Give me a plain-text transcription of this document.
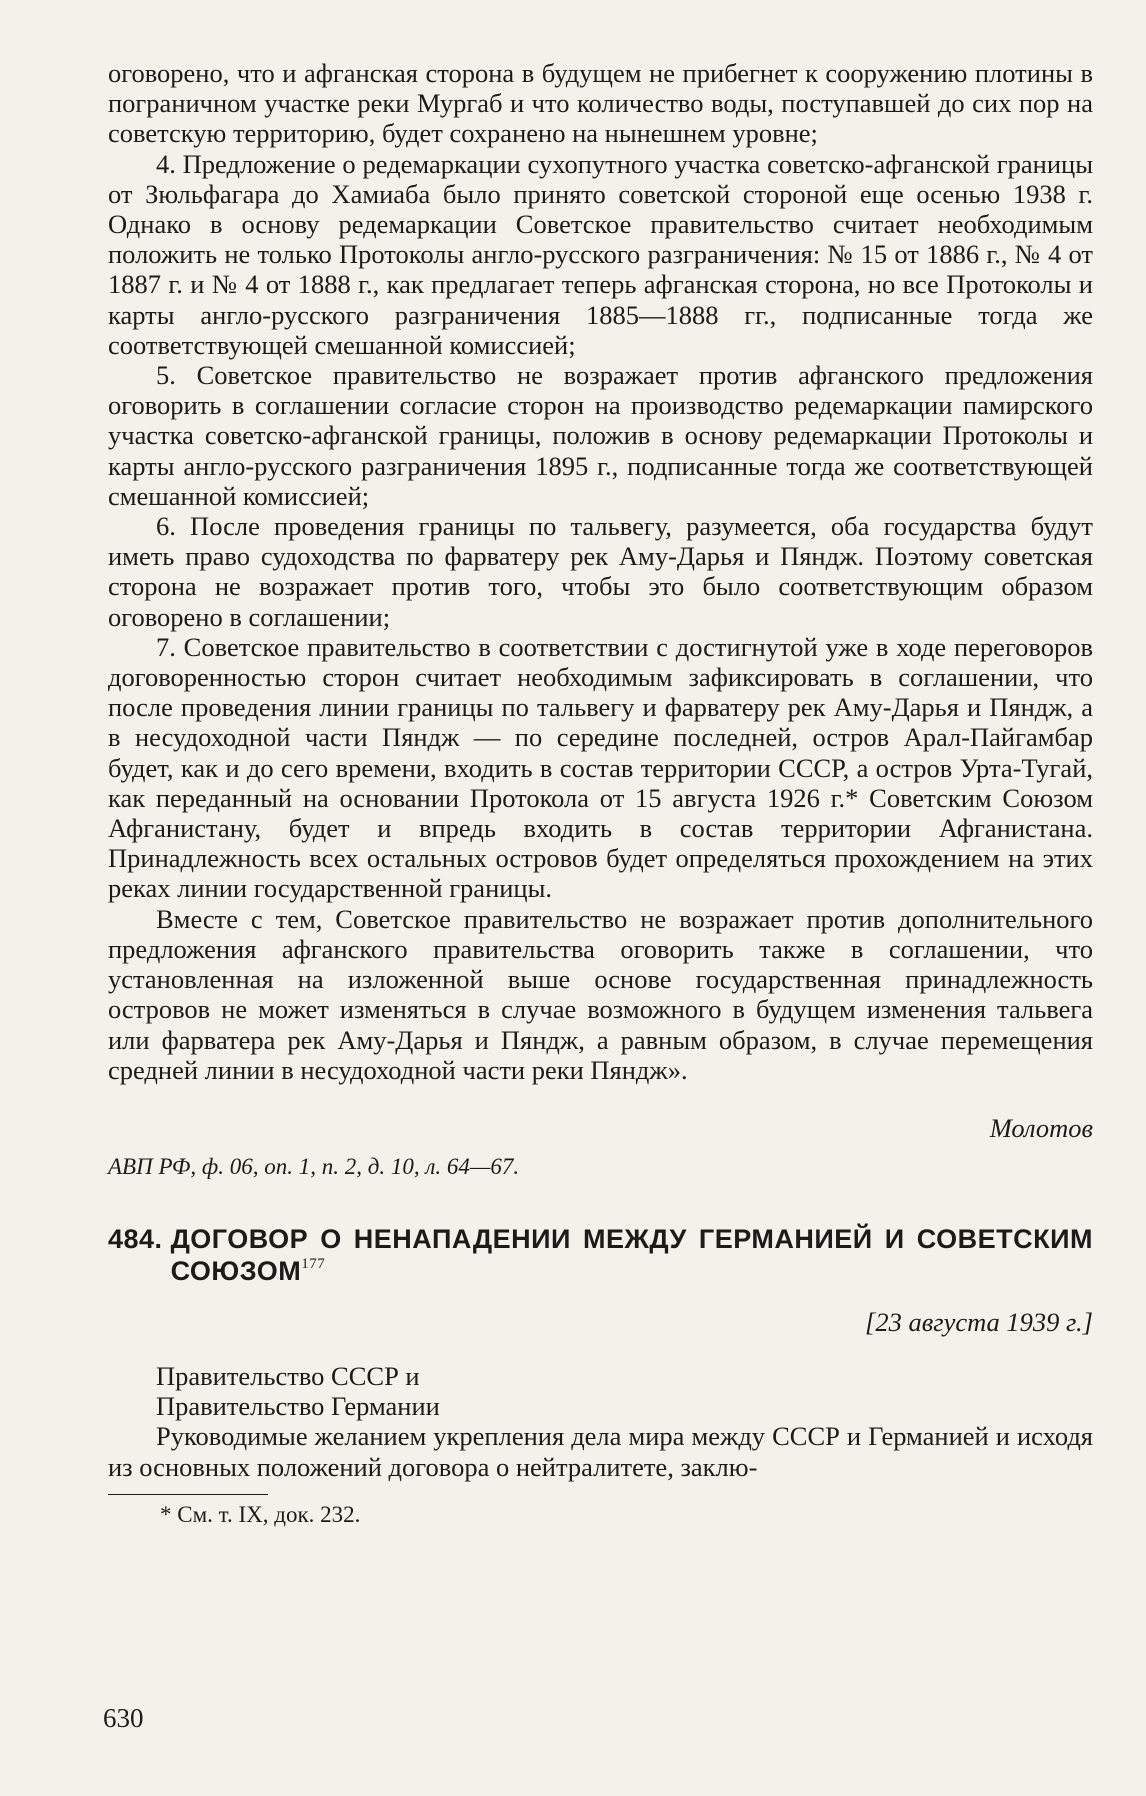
оговорено, что и афганская сторона в будущем не прибегнет к сооружению плотины в пограничном участке реки Мургаб и что количество воды, поступавшей до сих пор на советскую территорию, будет сохранено на нынешнем уровне;

4. Предложение о редемаркации сухопутного участка советско-афганской границы от Зюльфагара до Хамиаба было принято советской стороной еще осенью 1938 г. Однако в основу редемаркации Советское правительство считает необходимым положить не только Протоколы англо-русского разграничения: № 15 от 1886 г., № 4 от 1887 г. и № 4 от 1888 г., как предлагает теперь афганская сторона, но все Протоколы и карты англо-русского разграничения 1885—1888 гг., подписанные тогда же соответствующей смешанной комиссией;

5. Советское правительство не возражает против афганского предложения оговорить в соглашении согласие сторон на производство редемаркации памирского участка советско-афганской границы, положив в основу редемаркации Протоколы и карты англо-русского разграничения 1895 г., подписанные тогда же соответствующей смешанной комиссией;

6. После проведения границы по тальвегу, разумеется, оба государства будут иметь право судоходства по фарватеру рек Аму-Дарья и Пяндж. Поэтому советская сторона не возражает против того, чтобы это было соответствующим образом оговорено в соглашении;

7. Советское правительство в соответствии с достигнутой уже в ходе переговоров договоренностью сторон считает необходимым зафиксировать в соглашении, что после проведения линии границы по тальвегу и фарватеру рек Аму-Дарья и Пяндж, а в несудоходной части Пяндж — по середине последней, остров Арал-Пайгамбар будет, как и до сего времени, входить в состав территории СССР, а остров Урта-Тугай, как переданный на основании Протокола от 15 августа 1926 г.* Советским Союзом Афганистану, будет и впредь входить в состав территории Афганистана. Принадлежность всех остальных островов будет определяться прохождением на этих реках линии государственной границы.

Вместе с тем, Советское правительство не возражает против дополнительного предложения афганского правительства оговорить также в соглашении, что установленная на изложенной выше основе государственная принадлежность островов не может изменяться в случае возможного в будущем изменения тальвега или фарватера рек Аму-Дарья и Пяндж, а равным образом, в случае перемещения средней линии в несудоходной части реки Пяндж».

Молотов

АВП РФ, ф. 06, оп. 1, п. 2, д. 10, л. 64—67.

484. ДОГОВОР О НЕНАПАДЕНИИ МЕЖДУ ГЕРМАНИЕЙ И СОВЕТСКИМ СОЮЗОМ$^{177}$

[23 августа 1939 г.]

Правительство СССР и
Правительство Германии

Руководимые желанием укрепления дела мира между СССР и Германией и исходя из основных положений договора о нейтралитете, заклю-

* См. т. IX, док. 232.

630
